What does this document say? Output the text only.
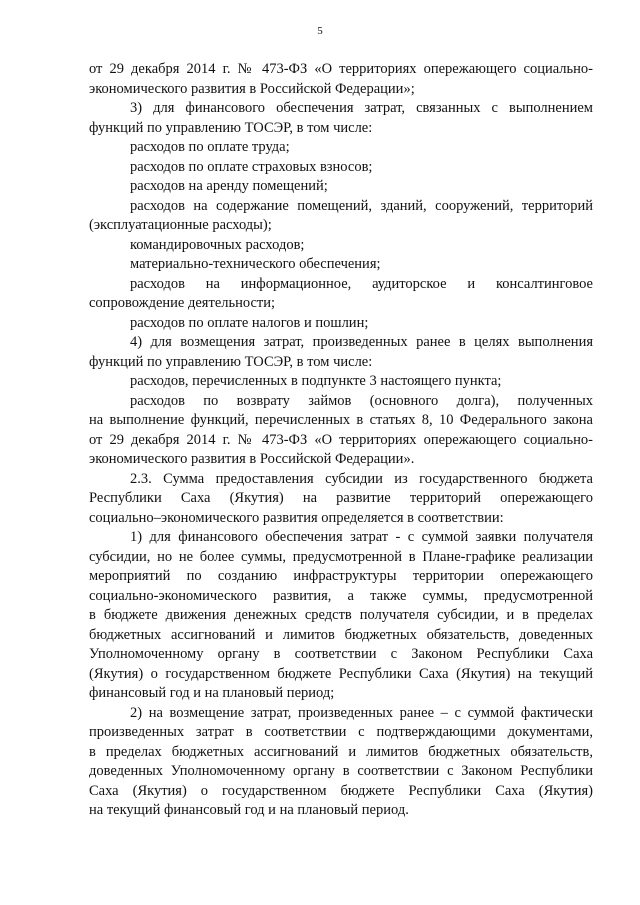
5

от 29 декабря 2014 г. № 473-ФЗ «О территориях опережающего социально-

экономического развития в Российской Федерации»;

3) для финансового обеспечения затрат, связанных с выполнением

функций по управлению ТОСЭР, в том числе:

расходов по оплате труда;

расходов по оплате страховых взносов;

расходов на аренду помещений;

расходов на содержание помещений, зданий, сооружений, территорий

(эксплуатационные расходы);

командировочных расходов;

материально-технического обеспечения;

расходов на информационное, аудиторское и консалтинговое

сопровождение деятельности;

расходов по оплате налогов и пошлин;

4) для возмещения затрат, произведенных ранее в целях выполнения

функций по управлению ТОСЭР, в том числе:

расходов, перечисленных в подпункте 3 настоящего пункта;

расходов по возврату займов (основного долга), полученных

на выполнение функций, перечисленных в статьях 8, 10 Федерального закона

от 29 декабря 2014 г. № 473-ФЗ «О территориях опережающего социально-

экономического развития в Российской Федерации».

2.3. Сумма предоставления субсидии из государственного бюджета

Республики Саха (Якутия) на развитие территорий опережающего

социально–экономического развития определяется в соответствии:

1) для финансового обеспечения затрат - с суммой заявки получателя

субсидии, но не более суммы, предусмотренной в Плане-графике реализации

мероприятий по созданию инфраструктуры территории опережающего

социально-экономического развития, а также суммы, предусмотренной

в бюджете движения денежных средств получателя субсидии, и в пределах

бюджетных ассигнований и лимитов бюджетных обязательств, доведенных

Уполномоченному органу в соответствии с Законом Республики Саха

(Якутия) о государственном бюджете Республики Саха (Якутия) на текущий

финансовый год и на плановый период;

2) на возмещение затрат, произведенных ранее – с суммой фактически

произведенных затрат в соответствии с подтверждающими документами,

в пределах бюджетных ассигнований и лимитов бюджетных обязательств,

доведенных Уполномоченному органу в соответствии с Законом Республики

Саха (Якутия) о государственном бюджете Республики Саха (Якутия)

на текущий финансовый год и на плановый период.
